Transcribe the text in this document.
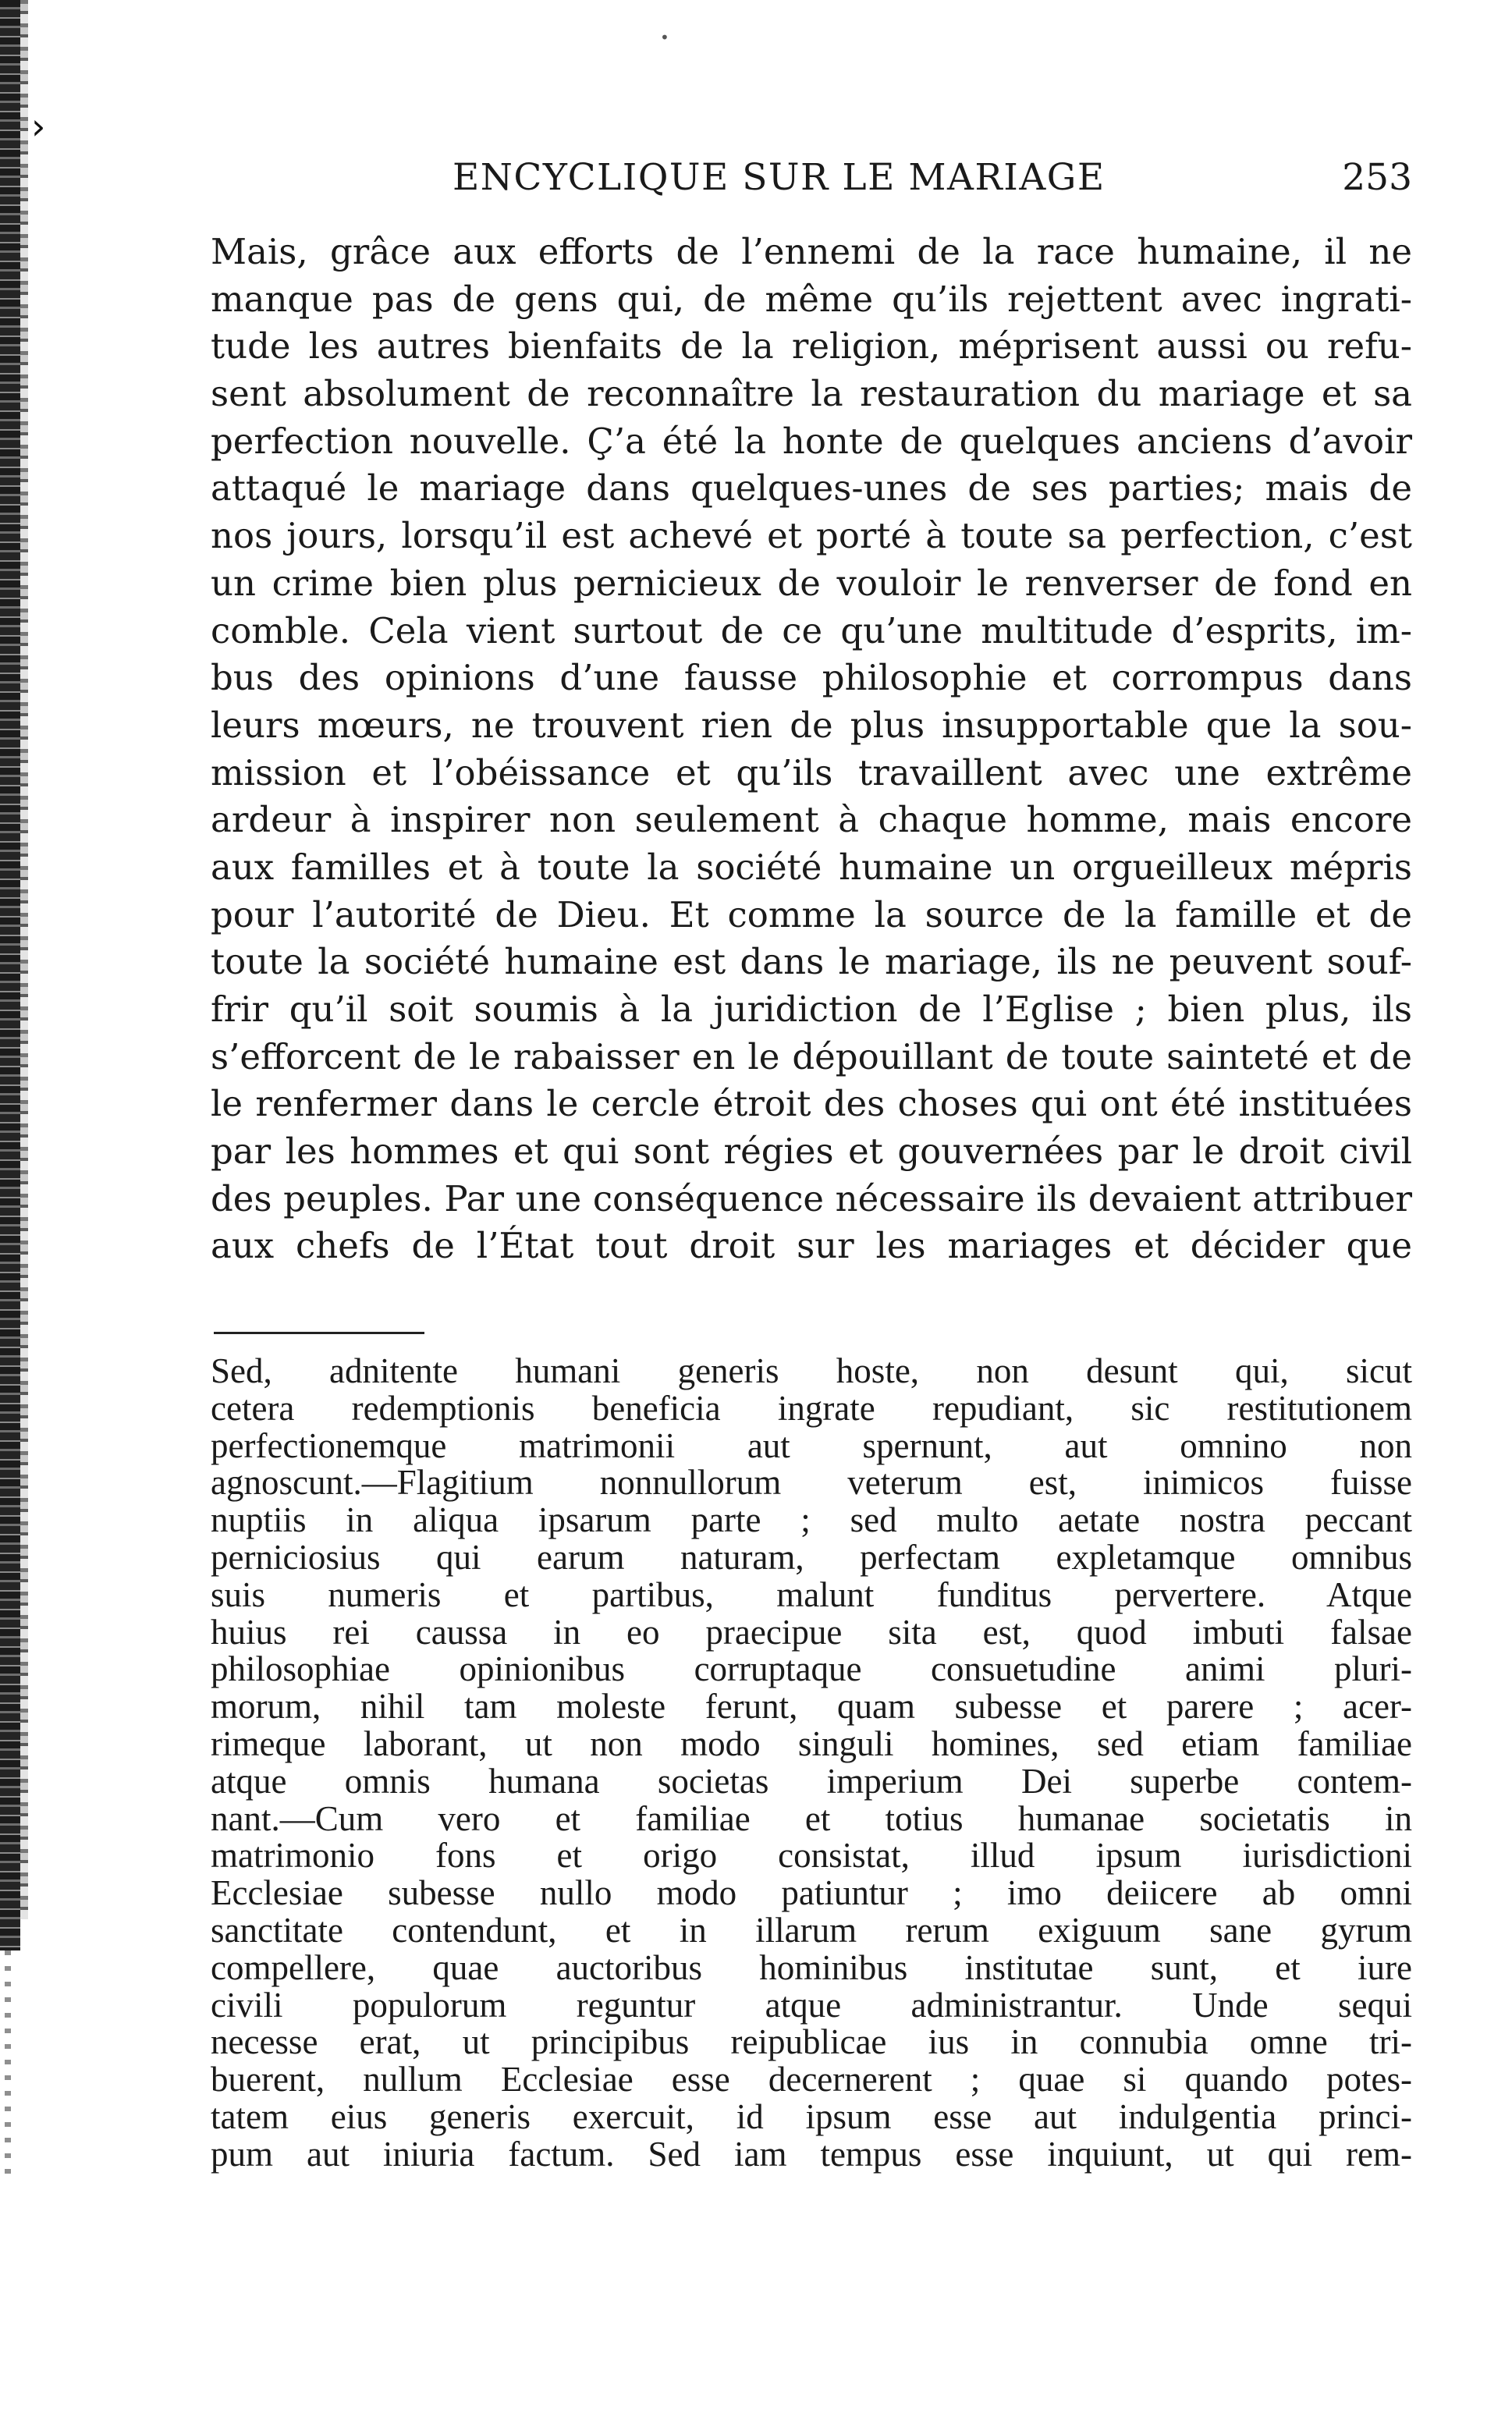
›
•
ENCYCLIQUE SUR LE MARIAGE	253
Mais, grâce aux efforts de l’ennemi de la race humaine, il ne
manque pas de gens qui, de même qu’ils rejettent avec ingrati-
tude les autres bienfaits de la religion, méprisent aussi ou refu-
sent absolument de reconnaître la restauration du mariage et sa
perfection nouvelle. Ç’a été la honte de quelques anciens d’avoir
attaqué le mariage dans quelques-unes de ses parties; mais de
nos jours, lorsqu’il est achevé et porté à toute sa perfection, c’est
un crime bien plus pernicieux de vouloir le renverser de fond en
comble. Cela vient surtout de ce qu’une multitude d’esprits, im-
bus des opinions d’une fausse philosophie et corrompus dans
leurs mœurs, ne trouvent rien de plus insupportable que la sou-
mission et l’obéissance et qu’ils travaillent avec une extrême
ardeur à inspirer non seulement à chaque homme, mais encore
aux familles et à toute la société humaine un orgueilleux mépris
pour l’autorité de Dieu. Et comme la source de la famille et de
toute la société humaine est dans le mariage, ils ne peuvent souf-
frir qu’il soit soumis à la juridiction de l’Eglise ; bien plus, ils
s’efforcent de le rabaisser en le dépouillant de toute sainteté et de
le renfermer dans le cercle étroit des choses qui ont été instituées
par les hommes et qui sont régies et gouvernées par le droit civil
des peuples. Par une conséquence nécessaire ils devaient attribuer
aux chefs de l’État tout droit sur les mariages et décider que
Sed, adnitente humani generis hoste, non desunt qui, sicut
cetera redemptionis beneficia ingrate repudiant, sic restitutionem
perfectionemque matrimonii aut spernunt, aut omnino non
agnoscunt.—Flagitium nonnullorum veterum est, inimicos fuisse
nuptiis in aliqua ipsarum parte ; sed multo aetate nostra peccant
perniciosius qui earum naturam, perfectam expletamque omnibus
suis numeris et partibus, malunt funditus pervertere. Atque
huius rei caussa in eo praecipue sita est, quod imbuti falsae
philosophiae opinionibus corruptaque consuetudine animi pluri-
morum, nihil tam moleste ferunt, quam subesse et parere ; acer-
rimeque laborant, ut non modo singuli homines, sed etiam familiae
atque omnis humana societas imperium Dei superbe contem-
nant.—Cum vero et familiae et totius humanae societatis in
matrimonio fons et origo consistat, illud ipsum iurisdictioni
Ecclesiae subesse nullo modo patiuntur ; imo deiicere ab omni
sanctitate contendunt, et in illarum rerum exiguum sane gyrum
compellere, quae auctoribus hominibus institutae sunt, et iure
civili populorum reguntur atque administrantur. Unde sequi
necesse erat, ut principibus reipublicae ius in connubia omne tri-
buerent, nullum Ecclesiae esse decernerent ; quae si quando potes-
tatem eius generis exercuit, id ipsum esse aut indulgentia princi-
pum aut iniuria factum. Sed iam tempus esse inquiunt, ut qui rem-
